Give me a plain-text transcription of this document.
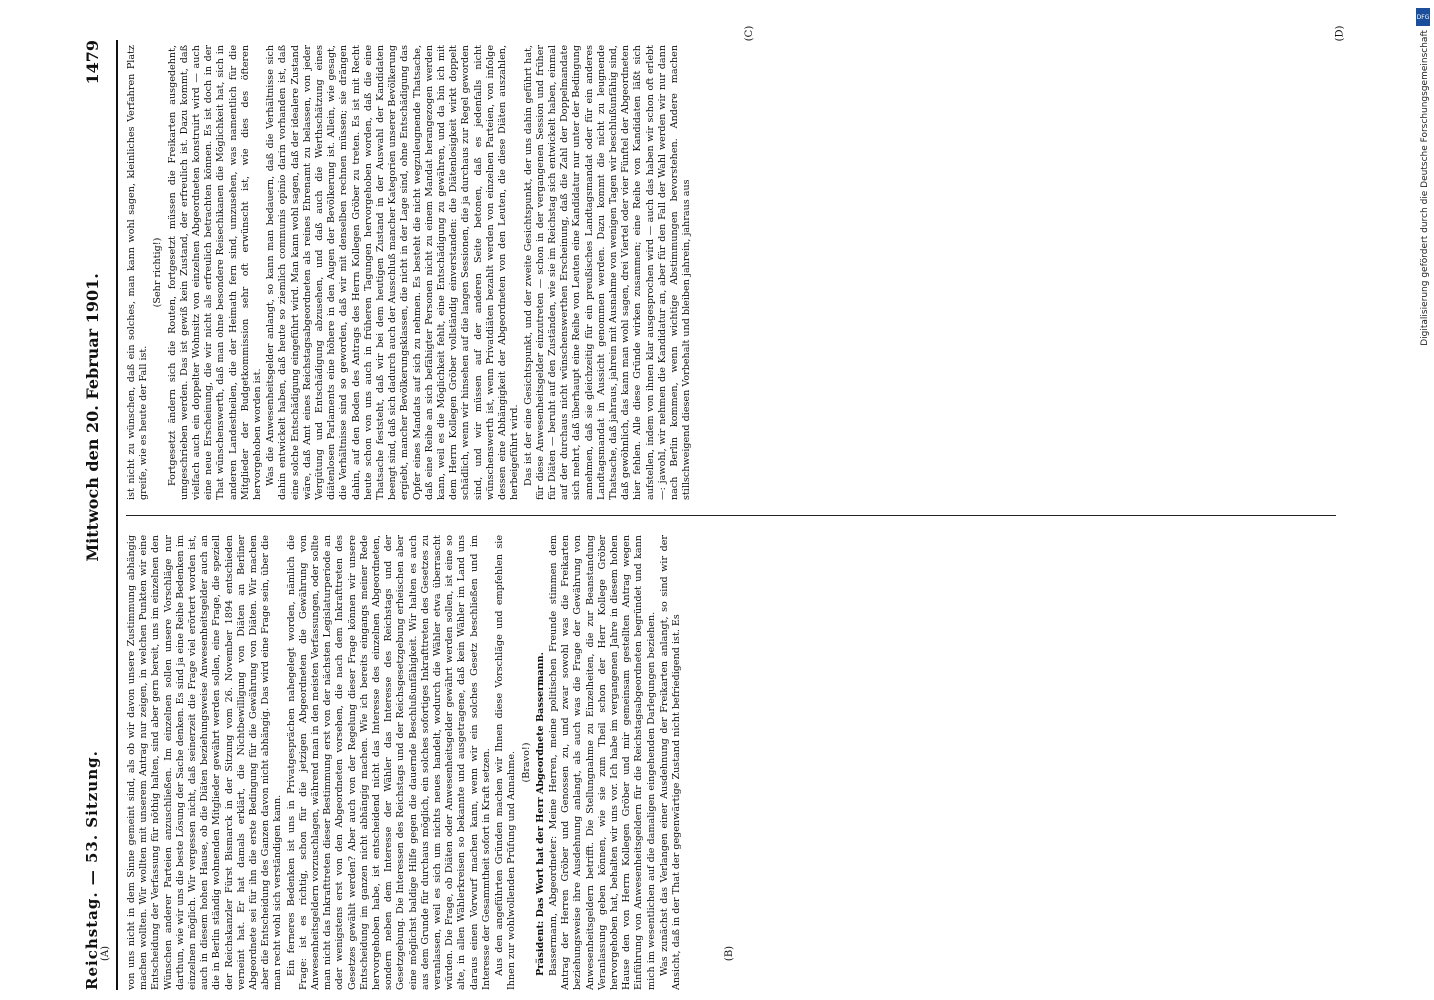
Reichstag. — 53. Sitzung.
Mittwoch den 20. Februar 1901.
1479

von uns nicht in dem Sinne gemeint sind, als ob wir davon unsere Zustimmung abhängig machen wollten. Wir wollten mit unserem Antrag nur zeigen, in welchen Punkten wir eine Entscheidung der Verfassung für nöthig halten, sind aber gern bereit, uns im einzelnen den Wünschen anderer Parteien anzuschließen. Im einzelnen sollen unsere Vorschläge nur darthun, wie wir uns die beste Lösung der Sache denken. Es sind ja eine Reihe Bedenken im einzelnen möglich. Wir vergessen nicht, daß seinerzeit die Frage viel erörtert worden ist, auch in diesem hohen Hause, ob die Diäten beziehungsweise Anwesenheitsgelder auch an die in Berlin ständig wohnenden Mitglieder gewährt werden sollen, eine Frage, die speziell der Reichskanzler Fürst Bismarck in der Sitzung vom 26. November 1894 entschieden verneint hat. Er hat damals erklärt, die Nichtbewilligung von Diäten an Berliner Abgeordnete sei für ihn die erste Bedingung für die Gewährung von Diäten. Wir machen aber die Entscheidung des Ganzen davon nicht abhängig. Das wird eine Frage sein, über die man recht wohl sich verständigen kann. Ein ferneres Bedenken ist uns in Privatgesprächen nahegelegt worden, nämlich die Frage: ist es richtig, schon für die jetzigen Abgeordneten die Gewährung von Anwesenheitsgeldern vorzuschlagen, während man in den meisten Verfassungen, oder sollte man nicht das Inkrafttreten dieser Bestimmung erst von der nächsten Legislaturperiode an oder wenigstens erst von den Abgeordneten vorsehen, die nach dem Inkrafttreten des Gesetzes gewählt werden? Aber auch von der Regelung dieser Frage können wir unsere Entscheidung im ganzen nicht abhängig machen. Wie ich bereits eingangs meiner Rede hervorgehoben habe, ist entscheidend nicht das Interesse des einzelnen Abgeordneten, sondern neben dem Interesse der Wähler das Interesse des Reichstags und der Gesetzgebung. Die Interessen des Reichstags und der Reichsgesetzgebung erheischen aber eine möglichst baldige Hilfe gegen die dauernde Beschlußunfähigkeit. Wir halten es auch aus dem Grunde für durchaus möglich, ein solches sofortiges Inkrafttreten des Gesetzes zu veranlassen, weil es sich um nichts neues handelt, wodurch die Wähler etwa überrascht würden. Die Frage, ob Diäten oder Anwesenheitsgelder gewährt werden sollen, ist eine so alte, in allen Wählerkreisen so bekannte und ausgetragene, daß kein Wähler im Land uns daraus einen Vorwurf machen kann, wenn wir ein solches Gesetz beschließen und im Interesse der Gesammtheit sofort in Kraft setzen. Aus den angeführten Gründen machen wir Ihnen diese Vorschläge und empfehlen sie Ihnen zur wohlwollenden Prüfung und Annahme. (Bravo!) Präsident: Das Wort hat der Herr Abgeordnete Bassermann. Bassermann, Abgeordneter: Meine Herren, meine politischen Freunde stimmen dem Antrag der Herren Gröber und Genossen zu, und zwar sowohl was die Freikarten beziehungsweise ihre Ausdehnung anlangt, als auch was die Frage der Gewährung von Anwesenheitsgeldern betrifft. Die Stellungnahme zu Einzelheiten, die zur Beanstandung Veranlassung geben können, wie sie zum Theil schon der Herr Kollege Gröber hervorgehoben hat, behalten wir uns vor. Ich habe im vergangenen Jahre in diesem hohen Hause den von Herrn Kollegen Gröber und mir gemeinsam gestellten Antrag wegen Einführung von Anwesenheitsgeldern für die Reichstagsabgeordneten begründet und kann mich im wesentlichen auf die damaligen eingehenden Darlegungen beziehen. Was zunächst das Verlangen einer Ausdehnung der Freikarten anlangt, so sind wir der Ansicht, daß in der That der gegenwärtige Zustand nicht befriedigend ist. Es

ist nicht zu wünschen, daß ein solches, man kann wohl sagen, kleinliches Verfahren Platz greife, wie es heute der Fall ist.

(Sehr richtig!) Fortgesetzt ändern sich die Routen, fortgesetzt müssen die Freikarten ausgedehnt, umgeschrieben werden. Das ist gewiß kein Zustand, der erfreulich ist. Dazu kommt, daß vielfach auch ein doppelter Wohnsitz von einzelnen Abgeordneten konstruirt wird — auch eine neue Erscheinung, die wir nicht als erfreulich betrachten können. Es ist doch in der That wünschenswerth, daß man ohne besondere Reisechikanen die Möglichkeit hat, sich in anderen Landestheilen, die der Heimath fern sind, umzusehen, was namentlich für die Mitglieder der Budgetkommission sehr oft erwünscht ist, wie dies des öfteren hervorgehoben worden ist. Was die Anwesenheitsgelder anlangt, so kann man bedauern, daß die Verhältnisse sich dahin entwickelt haben, daß heute so ziemlich communis opinio darin vorhanden ist, daß eine solche Entschädigung eingeführt wird. Man kann wohl sagen, daß der idealere Zustand wäre, daß Amt eines Reichstagsabgeordneten als reines Ehrenamt zu belassen, von jeder Vergütung und Entschädigung abzusehen, und daß auch die Werthschätzung eines diätenlosen Parlaments eine höhere in den Augen der Bevölkerung ist. Allein, wie gesagt, die Verhältnisse sind so geworden, daß wir mit denselben rechnen müssen; sie drängen dahin, auf den Boden des Antrags des Herrn Kollegen Gröber zu treten. Es ist mit Recht heute schon von uns auch in früheren Tagungen hervorgehoben worden, daß die eine Thatsache feststeht, daß wir bei dem heutigen Zustand in der Auswahl der Kandidaten beengt sind, daß sich dadurch auch der Ausschluß mancher Kategorien unserer Bevölkerung ergiebt, mancher Bevölkerungsklassen, die nicht in der Lage sind, ohne Entschädigung das Opfer eines Mandats auf sich zu nehmen. Es besteht die nicht wegzuleugnende Thatsache, daß eine Reihe an sich befähigter Personen nicht zu einem Mandat herangezogen werden kann, weil es die Möglichkeit fehlt, eine Entschädigung zu gewähren, und da bin ich mit dem Herrn Kollegen Gröber vollständig einverstanden: die Diätenlosigkeit wirkt doppelt schädlich, wenn wir hinsehen auf die langen Sessionen, die ja durchaus zur Regel geworden sind, und wir müssen auf der anderen Seite betonen, daß es jedenfalls nicht wünschenswerth ist, wenn Privatdiäten bezahlt werden von einzelnen Parteien, von infolge dessen eine Abhängigkeit der Abgeordneten von den Leuten, die diese Diäten auszahlen, herbeigeführt wird. Das ist der eine Gesichtspunkt, und der zweite Gesichtspunkt, der uns dahin geführt hat, für diese Anwesenheitsgelder einzutreten — schon in der vergangenen Session und früher für Diäten — beruht auf den Zuständen, wie sie im Reichstag sich entwickelt haben, einmal auf der durchaus nicht wünschenswerthen Erscheinung, daß die Zahl der Doppelmandate sich mehrt, daß überhaupt eine Reihe von Leuten eine Kandidatur nur unter der Bedingung annehmen, daß sie gleichzeitig für ein preußisches Landtagsmandat oder für ein anderes Landtagsmandat in Aussicht genommen werden. Dazu kommt die nicht zu leugnende Thatsache, daß jahraus, jahrein mit Ausnahme von wenigen Tagen wir beschlußunfähig sind, daß gewöhnlich, das kann man wohl sagen, drei Viertel oder vier Fünftel der Abgeordneten hier fehlen. Alle diese Gründe wirken zusammen; eine Reihe von Kandidaten läßt sich aufstellen, indem von ihnen klar ausgesprochen wird — auch das haben wir schon oft erlebt —: jawohl, wir nehmen die Kandidatur an, aber für den Fall der Wahl werden wir nur dann nach Berlin kommen, wenn wichtige Abstimmungen bevorstehen. Andere machen stillschweigend diesen Vorbehalt und bleiben jahrein, jahraus aus

(A)	(B)
(C)	(D)
DFG
Digitalisierung gefördert durch die Deutsche Forschungsgemeinschaft
